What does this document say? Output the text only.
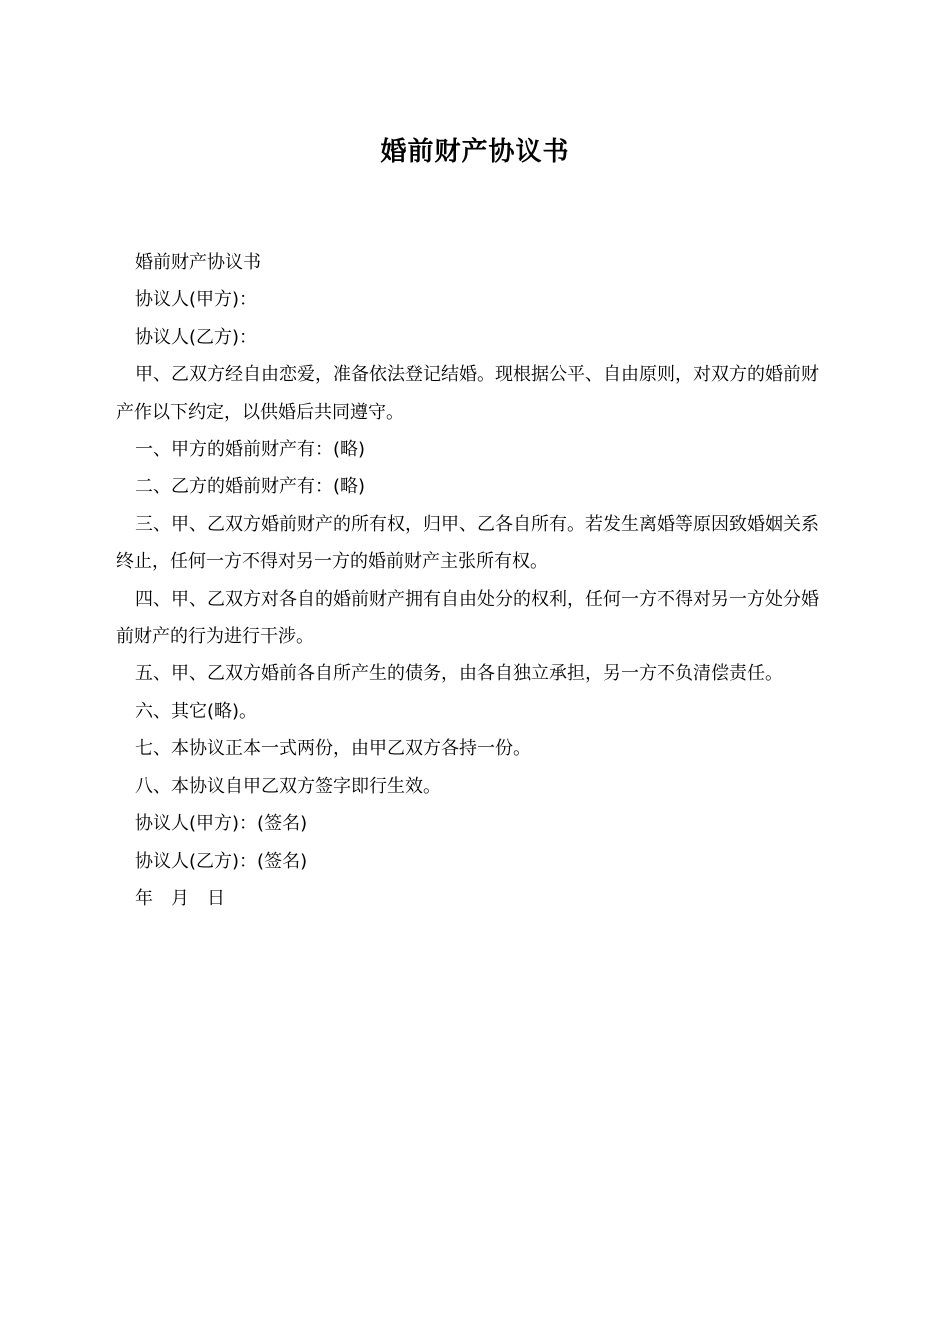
婚前财产协议书

婚前财产协议书

协议人(甲方)：

协议人(乙方)：

甲、乙双方经自由恋爱，准备依法登记结婚。现根据公平、自由原则，对双方的婚前财产作以下约定，以供婚后共同遵守。

一、甲方的婚前财产有：(略)

二、乙方的婚前财产有：(略)

三、甲、乙双方婚前财产的所有权，归甲、乙各自所有。若发生离婚等原因致婚姻关系终止，任何一方不得对另一方的婚前财产主张所有权。

四、甲、乙双方对各自的婚前财产拥有自由处分的权利，任何一方不得对另一方处分婚前财产的行为进行干涉。

五、甲、乙双方婚前各自所产生的债务，由各自独立承担，另一方不负清偿责任。

六、其它(略)。

七、本协议正本一式两份，由甲乙双方各持一份。

八、本协议自甲乙双方签字即行生效。

协议人(甲方)：(签名)

协议人(乙方)：(签名)

年　月　日
